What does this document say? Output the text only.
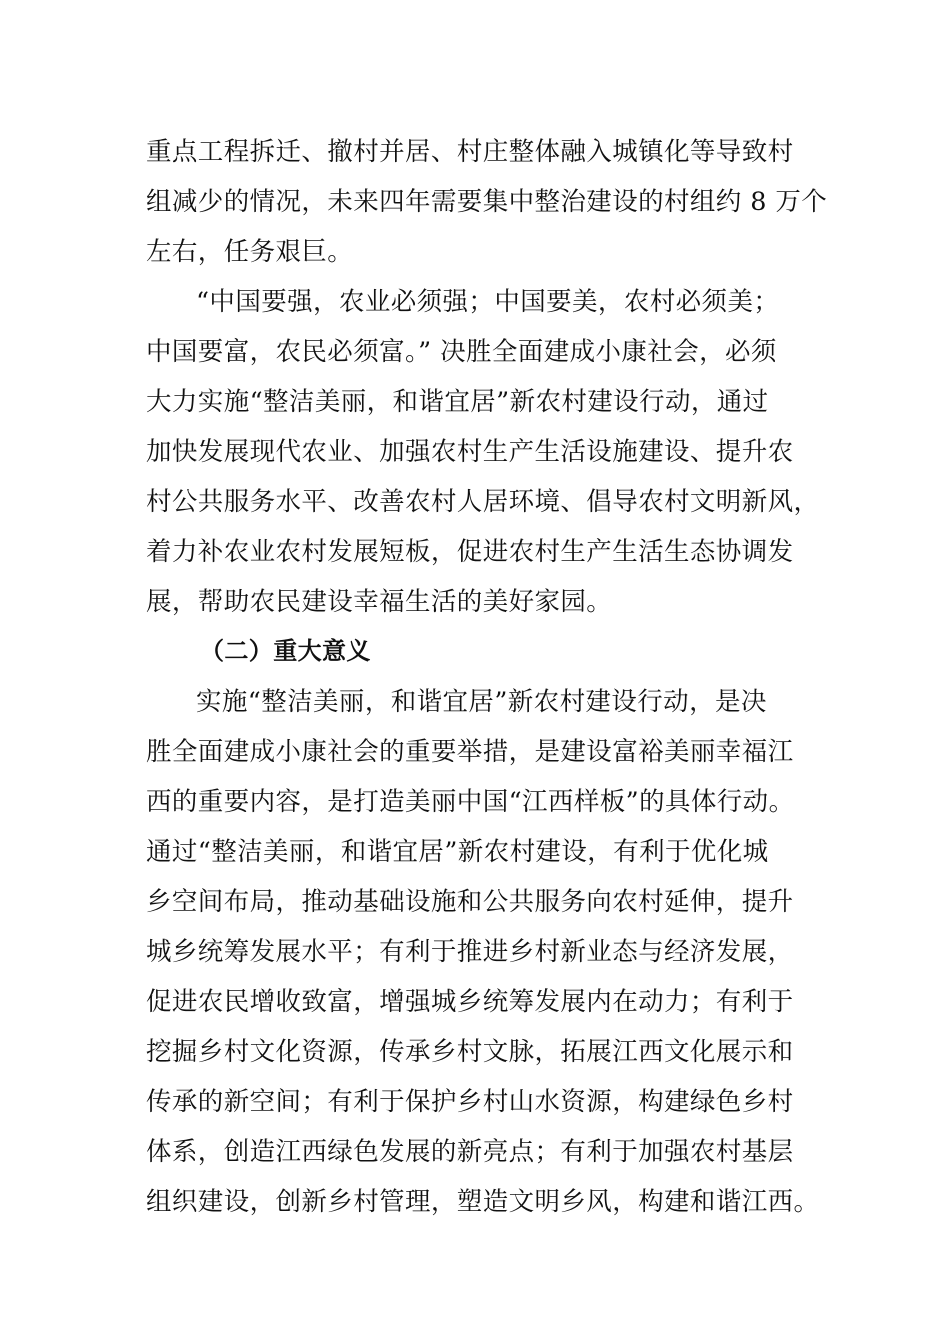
重点工程拆迁、撤村并居、村庄整体融入城镇化等导致村
组减少的情况，未来四年需要集中整治建设的村组约 8 万个
左右，任务艰巨。
“中国要强，农业必须强；中国要美，农村必须美；
中国要富，农民必须富。” 决胜全面建成小康社会，必须
大力实施“整洁美丽，和谐宜居”新农村建设行动，通过
加快发展现代农业、加强农村生产生活设施建设、提升农
村公共服务水平、改善农村人居环境、倡导农村文明新风，
着力补农业农村发展短板，促进农村生产生活生态协调发
展，帮助农民建设幸福生活的美好家园。
（二）重大意义
实施“整洁美丽，和谐宜居”新农村建设行动，是决
胜全面建成小康社会的重要举措，是建设富裕美丽幸福江
西的重要内容，是打造美丽中国“江西样板”的具体行动。
通过“整洁美丽，和谐宜居”新农村建设，有利于优化城
乡空间布局，推动基础设施和公共服务向农村延伸，提升
城乡统筹发展水平；有利于推进乡村新业态与经济发展，
促进农民增收致富，增强城乡统筹发展内在动力；有利于
挖掘乡村文化资源，传承乡村文脉，拓展江西文化展示和
传承的新空间；有利于保护乡村山水资源，构建绿色乡村
体系，创造江西绿色发展的新亮点；有利于加强农村基层
组织建设，创新乡村管理，塑造文明乡风，构建和谐江西。
